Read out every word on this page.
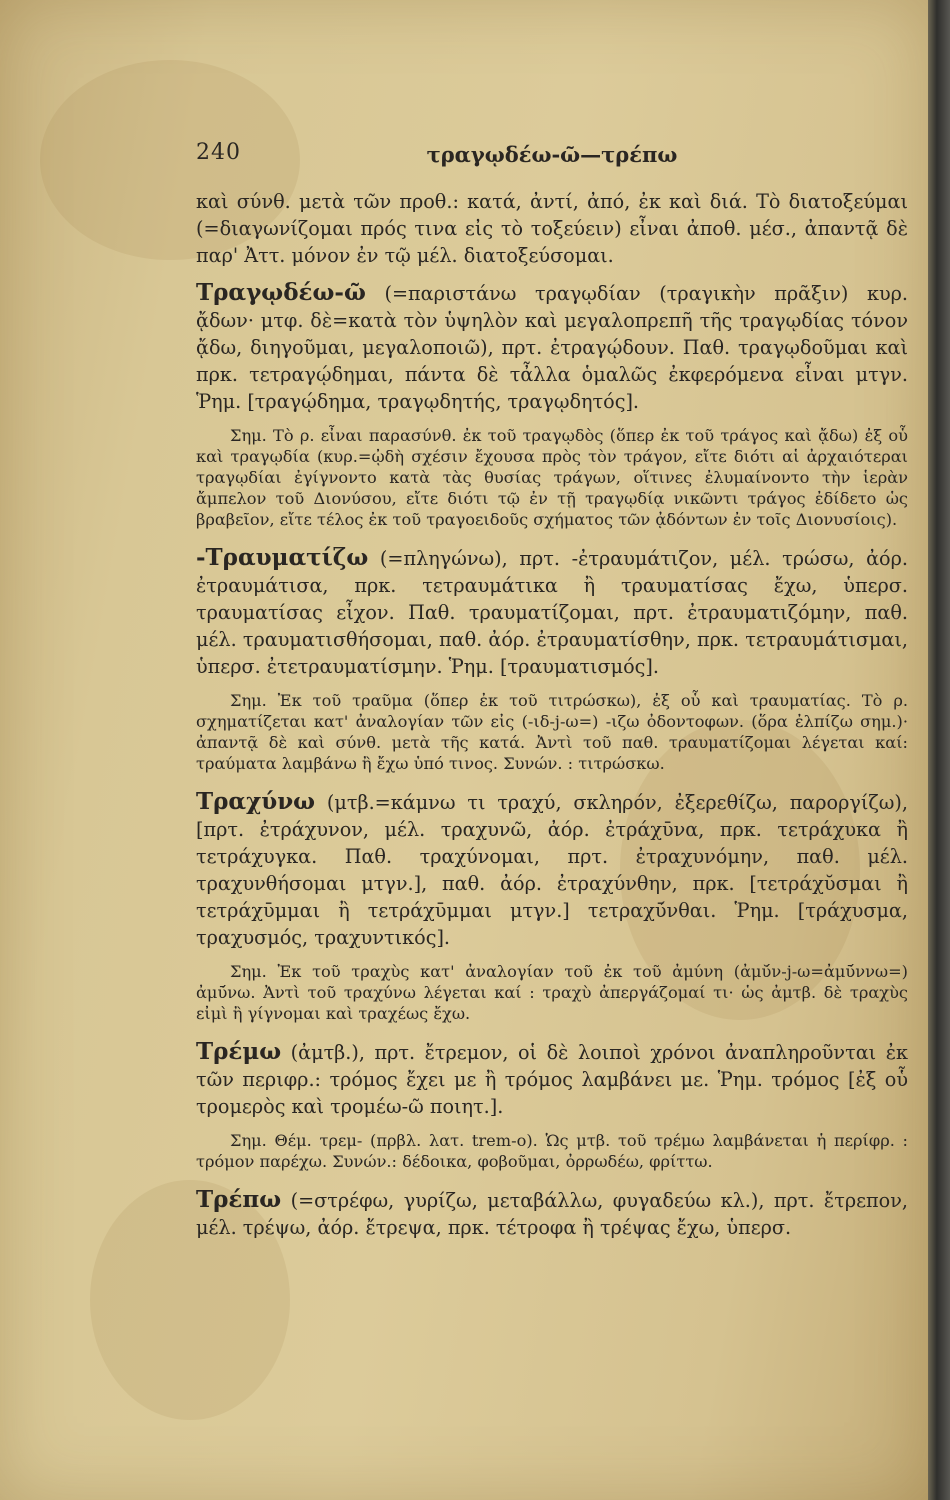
240	τραγῳδέω-ῶ—τρέπω

καὶ σύνθ. μετὰ τῶν προθ.: κατά, ἀντί, ἀπό, ἐκ καὶ διά. Τὸ διατοξεύμαι (=διαγωνίζομαι πρός τινα εἰς τὸ τοξεύειν) εἶναι ἀποθ. μέσ., ἀπαντᾷ δὲ παρ' Ἀττ. μόνον ἐν τῷ μέλ. διατοξεύσομαι.

Τραγῳδέω-ῶ (=παριστάνω τραγῳδίαν (τραγικὴν πρᾶξιν) κυρ. ᾄδων· μτφ. δὲ=κατὰ τὸν ὑψηλὸν καὶ μεγαλοπρεπῆ τῆς τραγῳδίας τόνον ᾄδω, διηγοῦμαι, μεγαλοποιῶ), πρτ. ἐτραγῴδουν. Παθ. τραγῳδοῦμαι καὶ πρκ. τετραγῴδημαι, πάντα δὲ τἆλλα ὁμαλῶς ἐκφερόμενα εἶναι μτγν. Ῥημ. [τραγῴδημα, τραγῳδητής, τραγῳδητός].

Σημ. Τὸ ρ. εἶναι παρασύνθ. ἐκ τοῦ τραγῳδὸς (ὅπερ ἐκ τοῦ τράγος καὶ ᾄδω) ἐξ οὗ καὶ τραγῳδία (κυρ.=ᾠδὴ σχέσιν ἔχουσα πρὸς τὸν τράγον, εἴτε διότι αἱ ἀρχαιότεραι τραγῳδίαι ἐγίγνοντο κατὰ τὰς θυσίας τράγων, οἵτινες ἐλυμαίνοντο τὴν ἱερὰν ἄμπελον τοῦ Διονύσου, εἴτε διότι τῷ ἐν τῇ τραγῳδίᾳ νικῶντι τράγος ἐδίδετο ὡς βραβεῖον, εἴτε τέλος ἐκ τοῦ τραγοειδοῦς σχήματος τῶν ᾀδόντων ἐν τοῖς Διονυσίοις).

-Τραυματίζω (=πληγώνω), πρτ. -ἐτραυμάτιζον, μέλ. τρώσω, ἀόρ. ἐτραυμάτισα, πρκ. τετραυμάτικα ἢ τραυματίσας ἔχω, ὑπερσ. τραυματίσας εἶχον. Παθ. τραυματίζομαι, πρτ. ἐτραυματιζόμην, παθ. μέλ. τραυματισθήσομαι, παθ. ἀόρ. ἐτραυματίσθην, πρκ. τετραυμάτισμαι, ὑπερσ. ἐτετραυματίσμην. Ῥημ. [τραυματισμός].

Σημ. Ἐκ τοῦ τραῦμα (ὅπερ ἐκ τοῦ τιτρώσκω), ἐξ οὗ καὶ τραυματίας. Τὸ ρ. σχηματίζεται κατ' ἀναλογίαν τῶν εἰς (-ιδ-j-ω=) -ιζω ὀδοντοφων. (ὅρα ἐλπίζω σημ.)· ἀπαντᾷ δὲ καὶ σύνθ. μετὰ τῆς κατά. Ἀντὶ τοῦ παθ. τραυματίζομαι λέγεται καί: τραύματα λαμβάνω ἢ ἔχω ὑπό τινος. Συνών. : τιτρώσκω.

Τραχύνω (μτβ.=κάμνω τι τραχύ, σκληρόν, ἐξερεθίζω, παροργίζω), [πρτ. ἐτράχυνον, μέλ. τραχυνῶ, ἀόρ. ἐτράχῡνα, πρκ. τετράχυκα ἢ τετράχυγκα. Παθ. τραχύνομαι, πρτ. ἐτραχυνόμην, παθ. μέλ. τραχυνθήσομαι μτγν.], παθ. ἀόρ. ἐτραχύνθην, πρκ. [τετράχῠσμαι ἢ τετράχῡμμαι ἢ τετράχῡμμαι μτγν.] τετραχῡ́νθαι. Ῥημ. [τράχυσμα, τραχυσμός, τραχυντικός].

Σημ. Ἐκ τοῦ τραχὺς κατ' ἀναλογίαν τοῦ ἐκ τοῦ ἀμύνη (ἀμῠ́ν-j-ω=ἀμῡ́ννω=) ἀμῡ́νω. Ἀντὶ τοῦ τραχύνω λέγεται καί : τραχὺ ἀπεργάζομαί τι· ὡς ἀμτβ. δὲ τραχὺς εἰμὶ ἢ γίγνομαι καὶ τραχέως ἔχω.

Τρέμω (ἀμτβ.), πρτ. ἔτρεμον, οἱ δὲ λοιποὶ χρόνοι ἀναπληροῦνται ἐκ τῶν περιφρ.: τρόμος ἔχει με ἢ τρόμος λαμβάνει με. Ῥημ. τρόμος [ἐξ οὗ τρομερὸς καὶ τρομέω-ῶ ποιητ.].

Σημ. Θέμ. τρεμ- (πρβλ. λατ. trem-o). Ὡς μτβ. τοῦ τρέμω λαμβάνεται ἡ περίφρ. : τρόμον παρέχω. Συνών.: δέδοικα, φοβοῦμαι, ὀρρωδέω, φρίττω.

Τρέπω (=στρέφω, γυρίζω, μεταβάλλω, φυγαδεύω κλ.), πρτ. ἔτρεπον, μέλ. τρέψω, ἀόρ. ἔτρεψα, πρκ. τέτροφα ἢ τρέψας ἔχω, ὑπερσ.
